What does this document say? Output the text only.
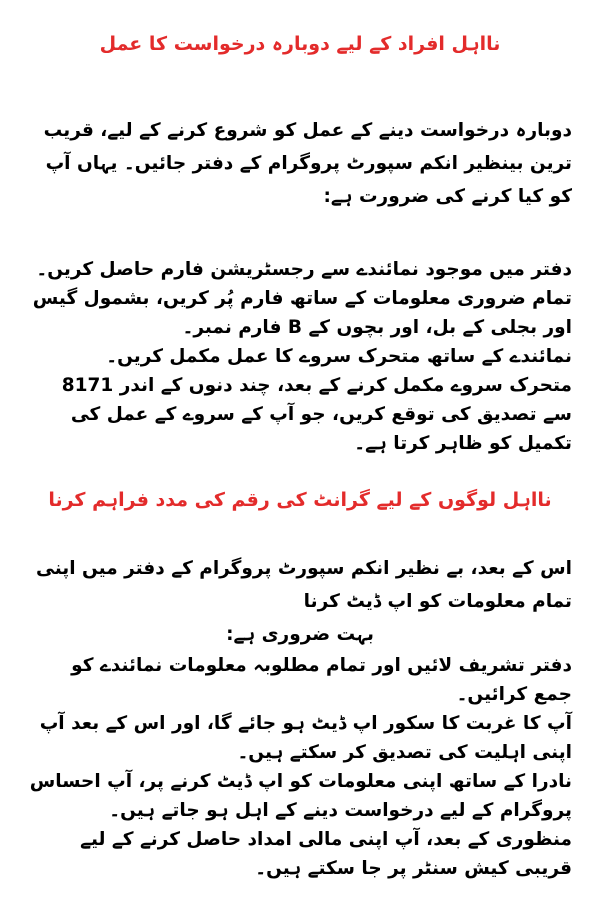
نااہل افراد کے لیے دوبارہ درخواست کا عمل

دوبارہ درخواست دینے کے عمل کو شروع کرنے کے لیے، قریب ترین بینظیر انکم سپورٹ پروگرام کے دفتر جائیں۔ یہاں آپ کو کیا کرنے کی ضرورت ہے:

دفتر میں موجود نمائندے سے رجسٹریشن فارم حاصل کریں۔
تمام ضروری معلومات کے ساتھ فارم پُر کریں، بشمول گیس اور بجلی کے بل، اور بچوں کے B فارم نمبر۔
نمائندے کے ساتھ متحرک سروے کا عمل مکمل کریں۔
متحرک سروے مکمل کرنے کے بعد، چند دنوں کے اندر 8171 سے تصدیق کی توقع کریں، جو آپ کے سروے کے عمل کی تکمیل کو ظاہر کرتا ہے۔
نااہل لوگوں کے لیے گرانٹ کی رقم کی مدد فراہم کرنا

اس کے بعد، بے نظیر انکم سپورٹ پروگرام کے دفتر میں اپنی تمام معلومات کو اپ ڈیٹ کرنا
بہت ضروری ہے:

دفتر تشریف لائیں اور تمام مطلوبہ معلومات نمائندے کو جمع کرائیں۔
آپ کا غربت کا سکور اپ ڈیٹ ہو جائے گا، اور اس کے بعد آپ اپنی اہلیت کی تصدیق کر سکتے ہیں۔
نادرا کے ساتھ اپنی معلومات کو اپ ڈیٹ کرنے پر، آپ احساس پروگرام کے لیے درخواست دینے کے اہل ہو جاتے ہیں۔ منظوری کے بعد، آپ اپنی مالی امداد حاصل کرنے کے لیے قریبی کیش سنٹر پر جا سکتے ہیں۔
